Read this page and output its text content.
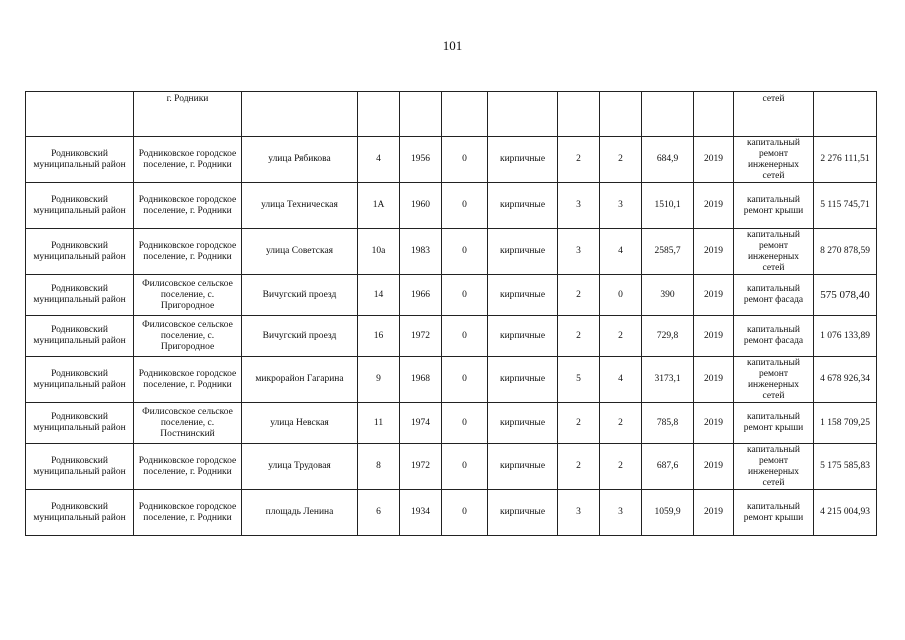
101
	г. Родники										сетей	
Родниковский муниципальный район	Родниковское городское поселение, г. Родники	улица Рябикова	4	1956	0	кирпичные	2	2	684,9	2019	капитальный ремонт инженерных сетей	2 276 111,51
Родниковский муниципальный район	Родниковское городское поселение, г. Родники	улица Техническая	1А	1960	0	кирпичные	3	3	1510,1	2019	капитальный ремонт крыши	5 115 745,71
Родниковский муниципальный район	Родниковское городское поселение, г. Родники	улица Советская	10а	1983	0	кирпичные	3	4	2585,7	2019	капитальный ремонт инженерных сетей	8 270 878,59
Родниковский муниципальный район	Филисовское сельское поселение, с. Пригородное	Вичугский проезд	14	1966	0	кирпичные	2	0	390	2019	капитальный ремонт фасада	575 078,40
Родниковский муниципальный район	Филисовское сельское поселение, с. Пригородное	Вичугский проезд	16	1972	0	кирпичные	2	2	729,8	2019	капитальный ремонт фасада	1 076 133,89
Родниковский муниципальный район	Родниковское городское поселение, г. Родники	микрорайон Гагарина	9	1968	0	кирпичные	5	4	3173,1	2019	капитальный ремонт инженерных сетей	4 678 926,34
Родниковский муниципальный район	Филисовское сельское поселение, с. Постнинский	улица Невская	11	1974	0	кирпичные	2	2	785,8	2019	капитальный ремонт крыши	1 158 709,25
Родниковский муниципальный район	Родниковское городское поселение, г. Родники	улица Трудовая	8	1972	0	кирпичные	2	2	687,6	2019	капитальный ремонт инженерных сетей	5 175 585,83
Родниковский муниципальный район	Родниковское городское поселение, г. Родники	площадь Ленина	6	1934	0	кирпичные	3	3	1059,9	2019	капитальный ремонт крыши	4 215 004,93
